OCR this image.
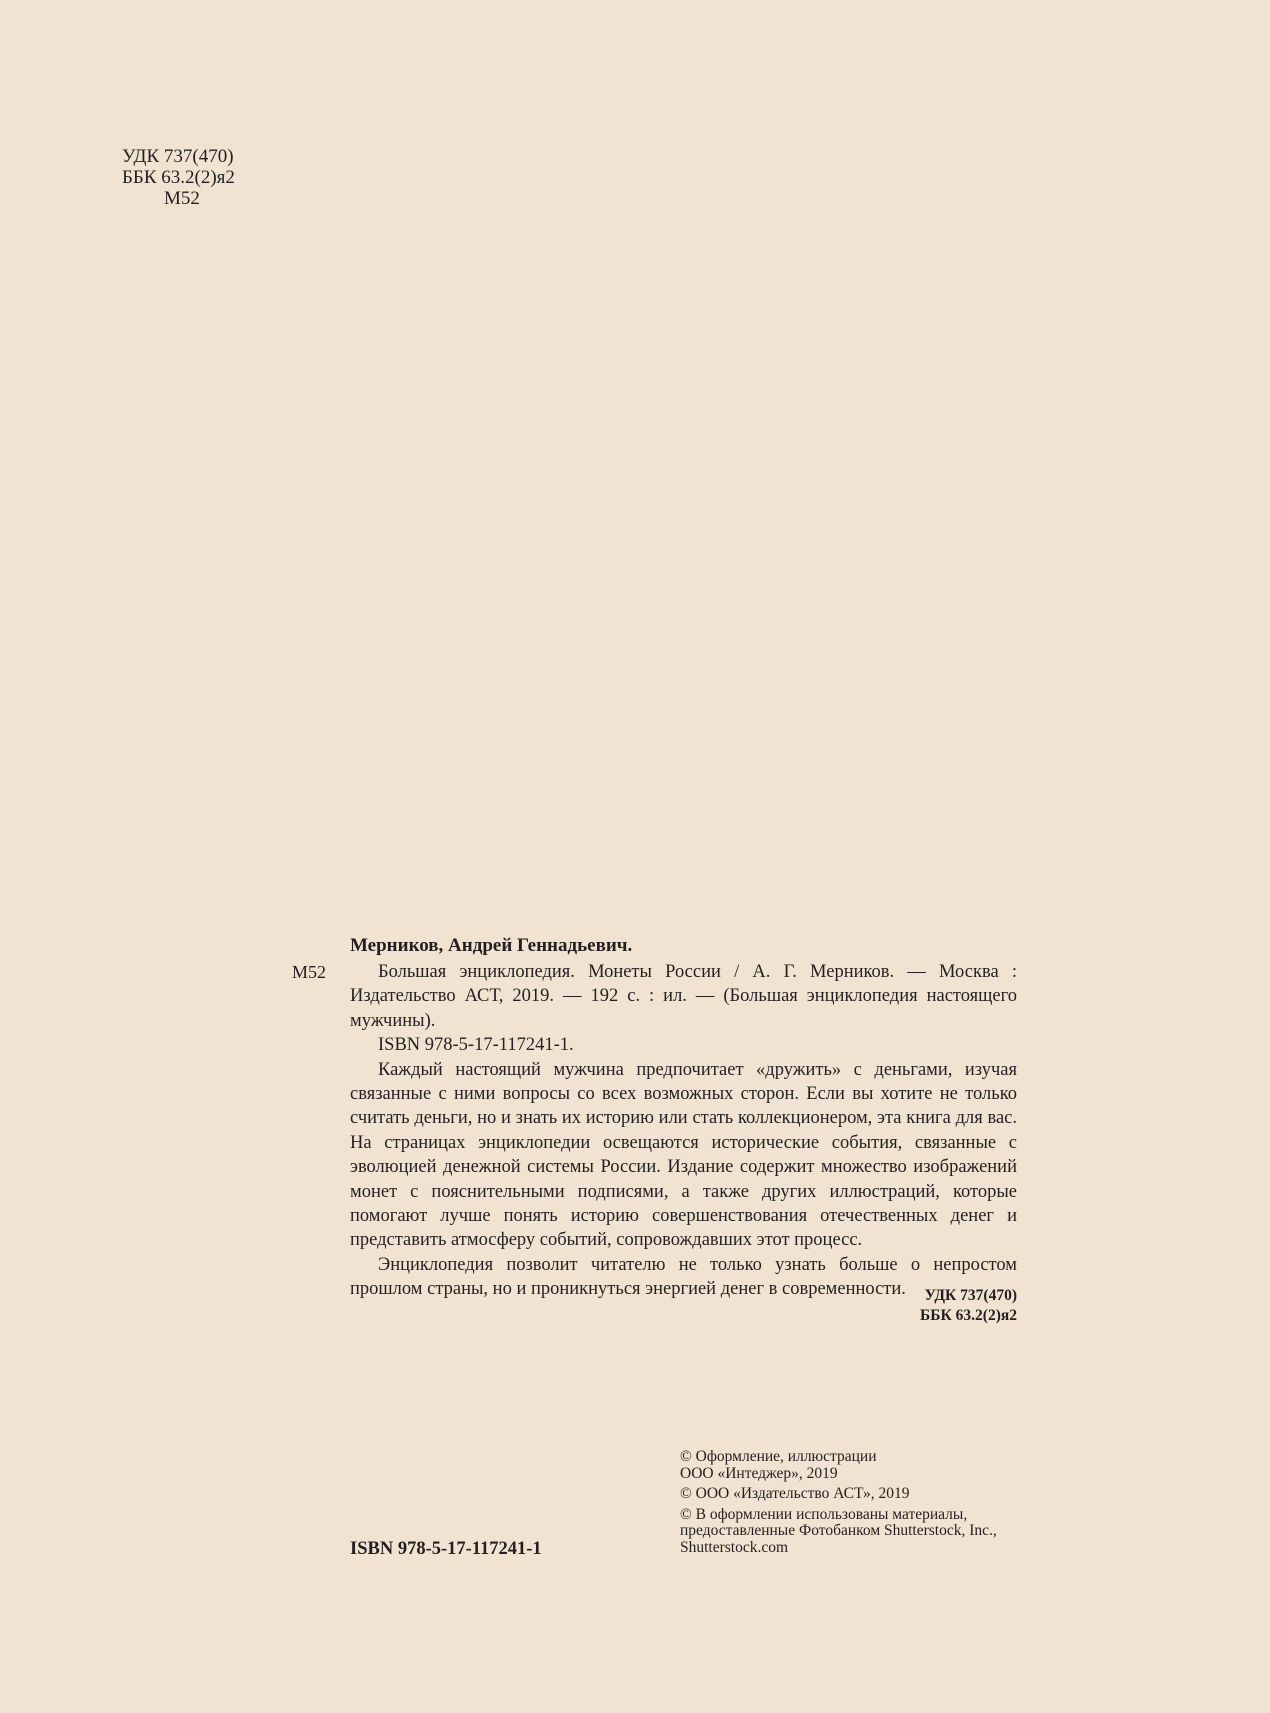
УДК 737(470)
ББК 63.2(2)я2
М52
Мерников, Андрей Геннадьевич.
М52	Большая энциклопедия. Монеты России / А. Г. Мерников. — Москва : Издательство АСТ, 2019. — 192 с. : ил. — (Большая энциклопедия настоящего мужчины).

ISBN 978-5-17-117241-1.

Каждый настоящий мужчина предпочитает «дружить» с деньгами, изучая связанные с ними вопросы со всех возможных сторон. Если вы хотите не только считать деньги, но и знать их историю или стать коллекционером, эта книга для вас. На страницах энциклопедии освещаются исторические события, связанные с эволюцией денежной системы России. Издание содержит множество изображений монет с пояснительными подписями, а также других иллюстраций, которые помогают лучше понять историю совершенствования отечественных денег и представить атмосферу событий, сопровождавших этот процесс.

Энциклопедия позволит читателю не только узнать больше о непростом прошлом страны, но и проникнуться энергией денег в современности.	УДК 737(470)
ББК 63.2(2)я2
ISBN 978-5-17-117241-1
© Оформление, иллюстрации
ООО «Интеджер», 2019
© ООО «Издательство АСТ», 2019
© В оформлении использованы материалы,
предоставленные Фотобанком Shutterstock, Inc.,
Shutterstock.com
